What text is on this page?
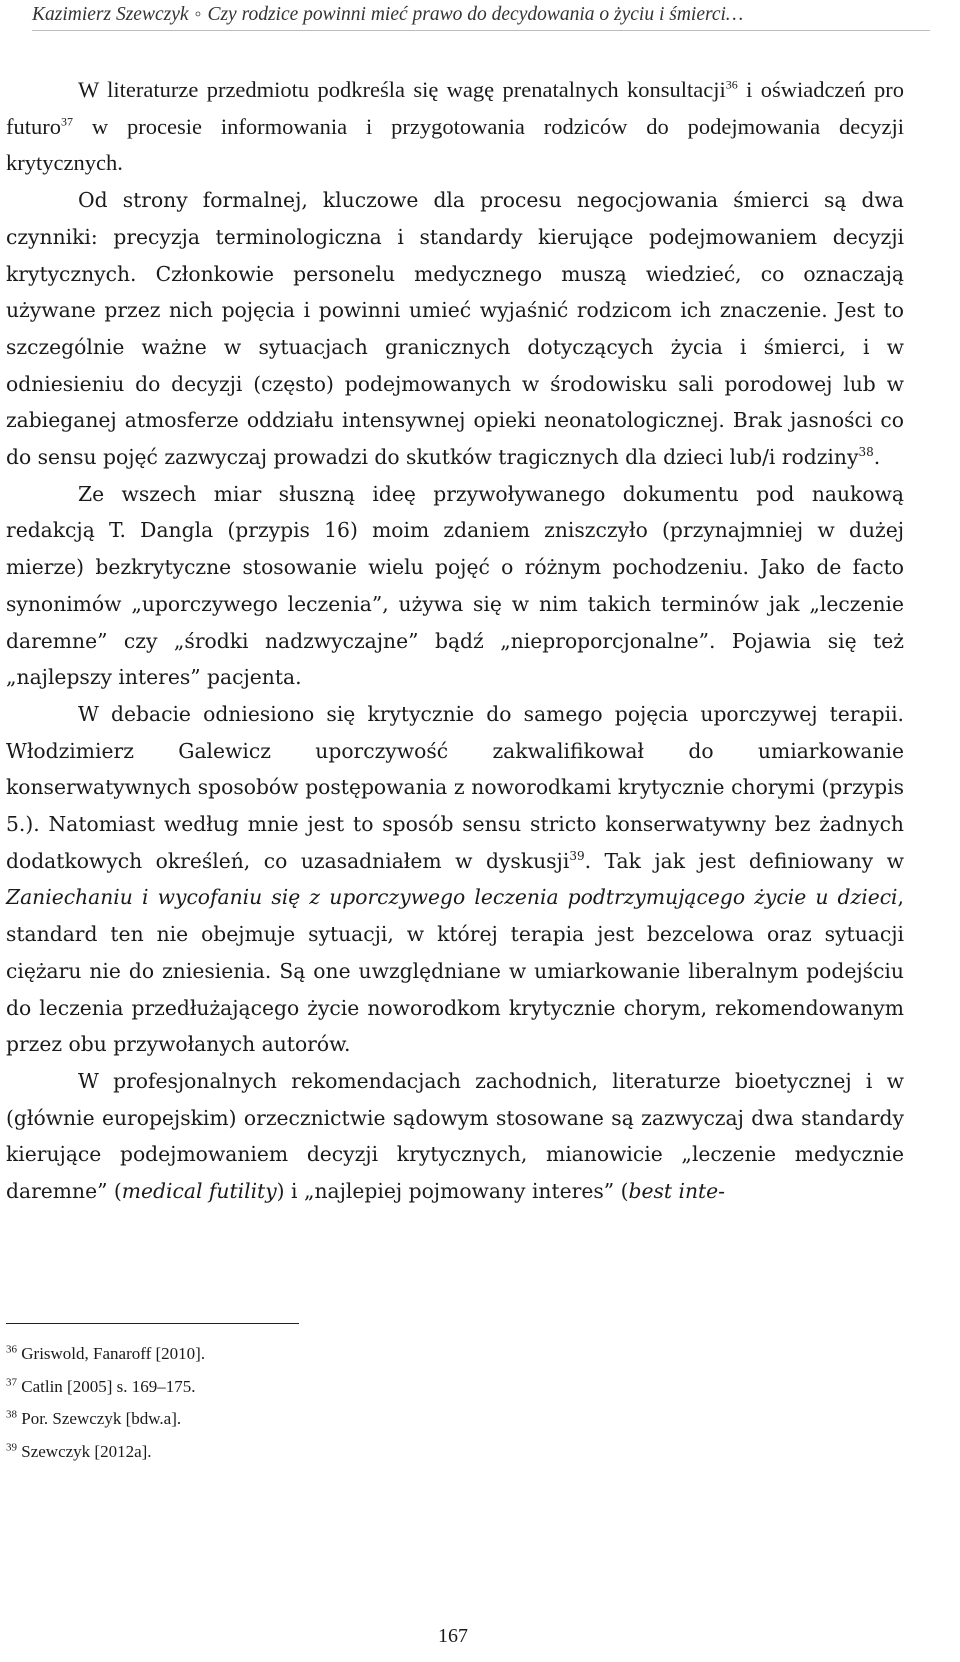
Kazimierz Szewczyk ◦ Czy rodzice powinni mieć prawo do decydowania o życiu i śmierci…

W literaturze przedmiotu podkreśla się wagę prenatalnych konsultacji$^{36}$ i oświadczeń pro futuro$^{37}$ w procesie informowania i przygotowania rodziców do podejmowania decyzji krytycznych.

Od strony formalnej, kluczowe dla procesu negocjowania śmierci są dwa czynniki: precyzja terminologiczna i standardy kierujące podejmowaniem decyzji krytycznych. Członkowie personelu medycznego muszą wiedzieć, co oznaczają używane przez nich pojęcia i powinni umieć wyjaśnić rodzicom ich znaczenie. Jest to szczególnie ważne w sytuacjach granicznych dotyczących życia i śmierci, i w odniesieniu do decyzji (często) podejmowanych w środowisku sali porodowej lub w zabieganej atmosferze oddziału intensywnej opieki neonatologicznej. Brak jasności co do sensu pojęć zazwyczaj prowadzi do skutków tragicznych dla dzieci lub/i rodziny$^{38}$.

Ze wszech miar słuszną ideę przywoływanego dokumentu pod naukową redakcją T. Dangla (przypis 16) moim zdaniem zniszczyło (przynajmniej w dużej mierze) bezkrytyczne stosowanie wielu pojęć o różnym pochodzeniu. Jako de facto synonimów „uporczywego leczenia”, używa się w nim takich terminów jak „leczenie daremne” czy „środki nadzwyczajne” bądź „nieproporcjonalne”. Pojawia się też „najlepszy interes” pacjenta.

W debacie odniesiono się krytycznie do samego pojęcia uporczywej terapii. Włodzimierz Galewicz uporczywość zakwalifikował do umiarkowanie konserwatywnych sposobów postępowania z noworodkami krytycznie chorymi (przypis 5.). Natomiast według mnie jest to sposób sensu stricto konserwatywny bez żadnych dodatkowych określeń, co uzasadniałem w dyskusji$^{39}$. Tak jak jest definiowany w Zaniechaniu i wycofaniu się z uporczywego leczenia podtrzymującego życie u dzieci, standard ten nie obejmuje sytuacji, w której terapia jest bezcelowa oraz sytuacji ciężaru nie do zniesienia. Są one uwzględniane w umiarkowanie liberalnym podejściu do leczenia przedłużającego życie noworodkom krytycznie chorym, rekomendowanym przez obu przywołanych autorów.

W profesjonalnych rekomendacjach zachodnich, literaturze bioetycznej i w (głównie europejskim) orzecznictwie sądowym stosowane są zazwyczaj dwa standardy kierujące podejmowaniem decyzji krytycznych, mianowicie „leczenie medycznie daremne” (medical futility) i „najlepiej pojmowany interes” (best inte-

$^{36}$ Griswold, Fanaroff [2010].

$^{37}$ Catlin [2005] s. 169–175.

$^{38}$ Por. Szewczyk [bdw.a].

$^{39}$ Szewczyk [2012a].

167
